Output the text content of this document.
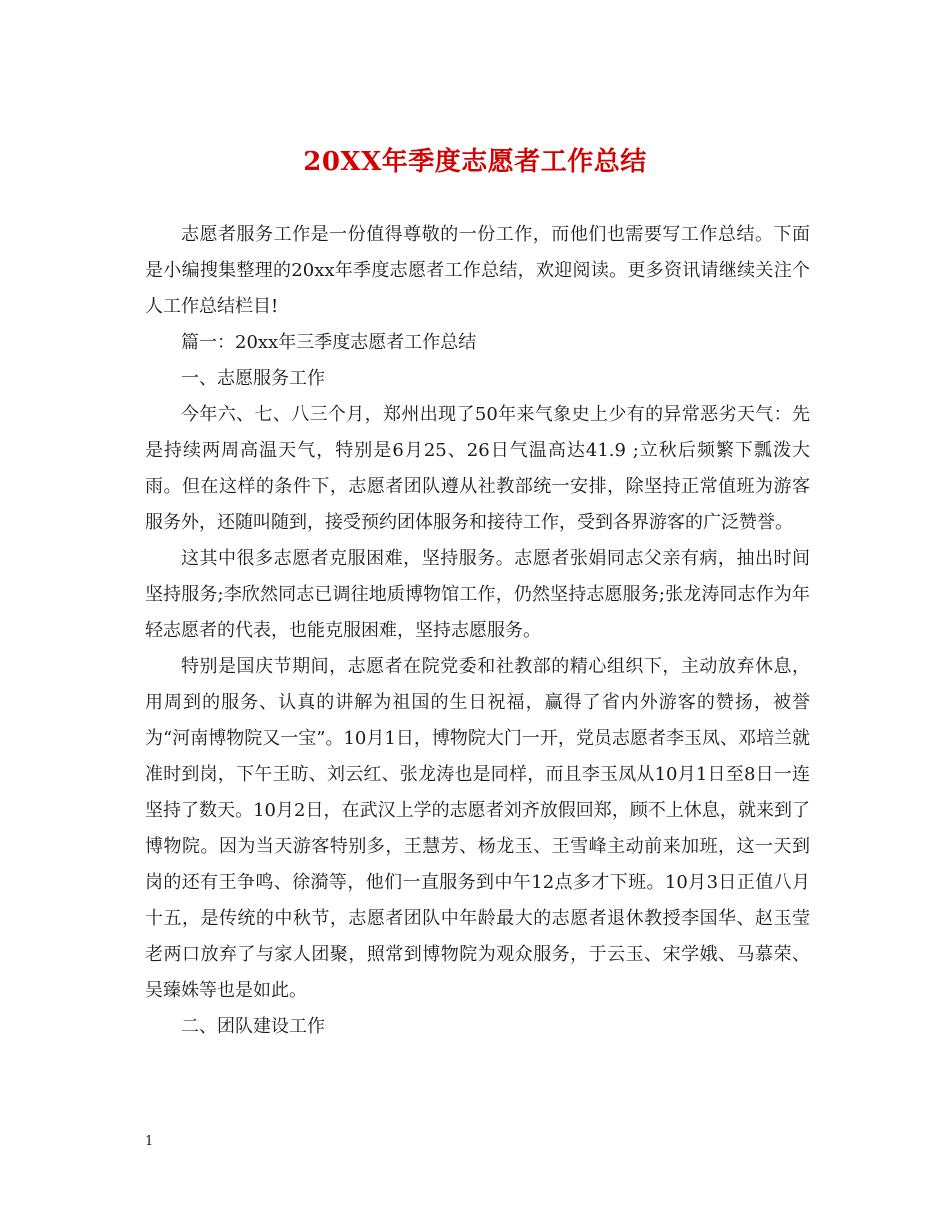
20XX年季度志愿者工作总结

志愿者服务工作是一份值得尊敬的一份工作，而他们也需要写工作总结。下面是小编搜集整理的20xx年季度志愿者工作总结，欢迎阅读。更多资讯请继续关注个人工作总结栏目!

篇一：20xx年三季度志愿者工作总结

一、志愿服务工作

今年六、七、八三个月，郑州出现了50年来气象史上少有的异常恶劣天气：先是持续两周高温天气，特别是6月25、26日气温高达41.9 ;立秋后频繁下瓢泼大雨。但在这样的条件下，志愿者团队遵从社教部统一安排，除坚持正常值班为游客服务外，还随叫随到，接受预约团体服务和接待工作，受到各界游客的广泛赞誉。

这其中很多志愿者克服困难，坚持服务。志愿者张娟同志父亲有病，抽出时间坚持服务;李欣然同志已调往地质博物馆工作，仍然坚持志愿服务;张龙涛同志作为年轻志愿者的代表，也能克服困难，坚持志愿服务。

特别是国庆节期间，志愿者在院党委和社教部的精心组织下，主动放弃休息，用周到的服务、认真的讲解为祖国的生日祝福，赢得了省内外游客的赞扬，被誉为“河南博物院又一宝”。10月1日，博物院大门一开，党员志愿者李玉凤、邓培兰就准时到岗，下午王昉、刘云红、张龙涛也是同样，而且李玉凤从10月1日至8日一连坚持了数天。10月2日，在武汉上学的志愿者刘齐放假回郑，顾不上休息，就来到了博物院。因为当天游客特别多，王慧芳、杨龙玉、王雪峰主动前来加班，这一天到岗的还有王争鸣、徐漪等，他们一直服务到中午12点多才下班。10月3日正值八月十五，是传统的中秋节，志愿者团队中年龄最大的志愿者退休教授李国华、赵玉莹老两口放弃了与家人团聚，照常到博物院为观众服务，于云玉、宋学娥、马慕荣、吴臻姝等也是如此。

二、团队建设工作

1
